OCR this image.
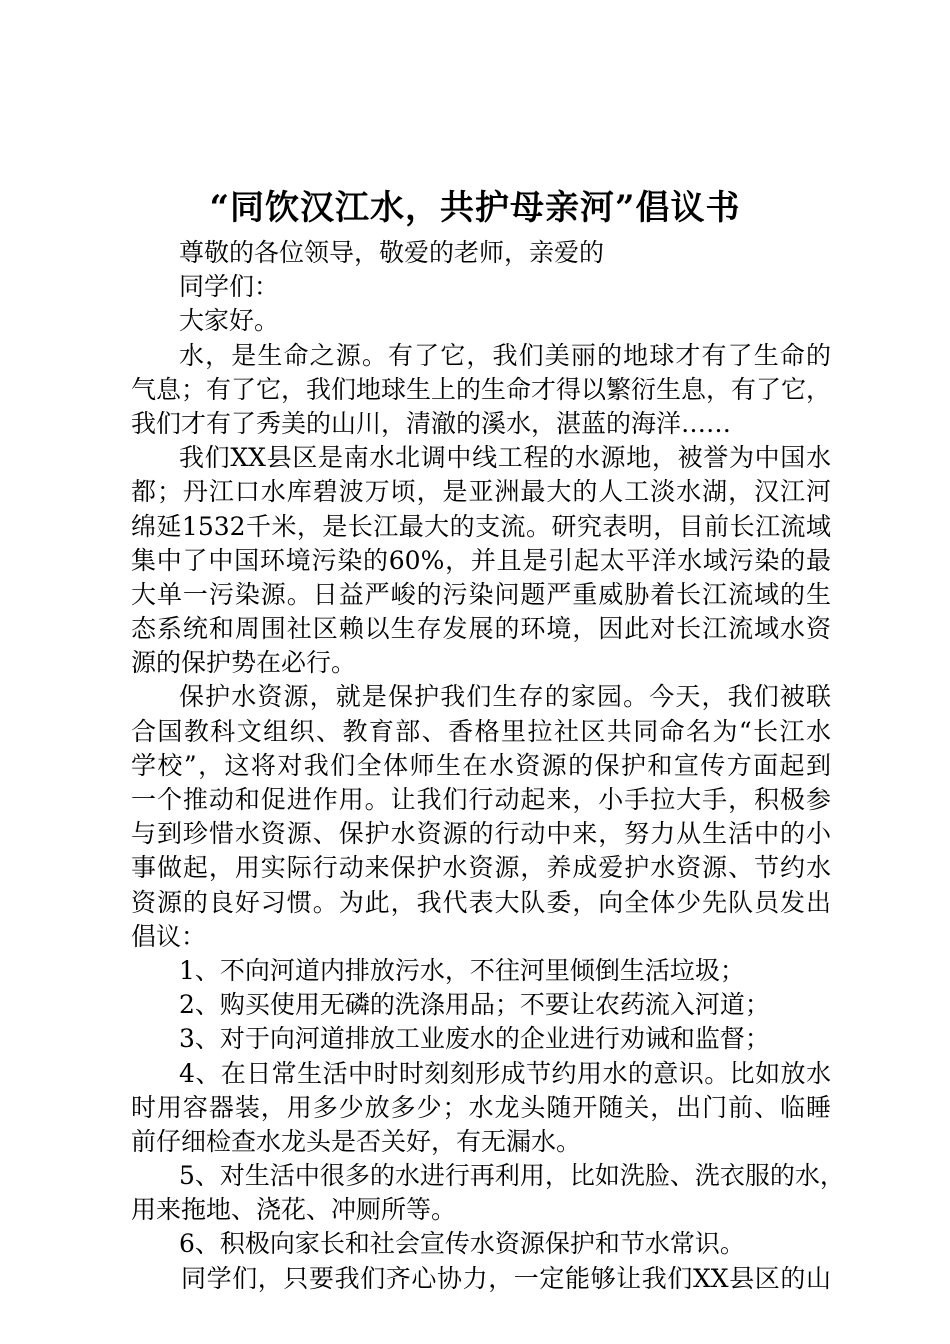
“同饮汉江水，共护母亲河”倡议书
尊敬的各位领导，敬爱的老师，亲爱的
同学们：
大家好。
水，是生命之源。有了它，我们美丽的地球才有了生命的
气息；有了它，我们地球生上的生命才得以繁衍生息，有了它，
我们才有了秀美的山川，清澈的溪水，湛蓝的海洋……
我们XX县区是南水北调中线工程的水源地，被誉为中国水
都；丹江口水库碧波万顷，是亚洲最大的人工淡水湖，汉江河
绵延1532千米，是长江最大的支流。研究表明，目前长江流域
集中了中国环境污染的60%，并且是引起太平洋水域污染的最
大单一污染源。日益严峻的污染问题严重威胁着长江流域的生
态系统和周围社区赖以生存发展的环境，因此对长江流域水资
源的保护势在必行。
保护水资源，就是保护我们生存的家园。今天，我们被联
合国教科文组织、教育部、香格里拉社区共同命名为“长江水
学校”，这将对我们全体师生在水资源的保护和宣传方面起到
一个推动和促进作用。让我们行动起来，小手拉大手，积极参
与到珍惜水资源、保护水资源的行动中来，努力从生活中的小
事做起，用实际行动来保护水资源，养成爱护水资源、节约水
资源的良好习惯。为此，我代表大队委，向全体少先队员发出
倡议：
1、不向河道内排放污水，不往河里倾倒生活垃圾；
2、购买使用无磷的洗涤用品；不要让农药流入河道；
3、对于向河道排放工业废水的企业进行劝诫和监督；
4、在日常生活中时时刻刻形成节约用水的意识。比如放水
时用容器装，用多少放多少；水龙头随开随关，出门前、临睡
前仔细检查水龙头是否关好，有无漏水。
5、对生活中很多的水进行再利用，比如洗脸、洗衣服的水，
用来拖地、浇花、冲厕所等。
6、积极向家长和社会宣传水资源保护和节水常识。
同学们，只要我们齐心协力，一定能够让我们XX县区的山
